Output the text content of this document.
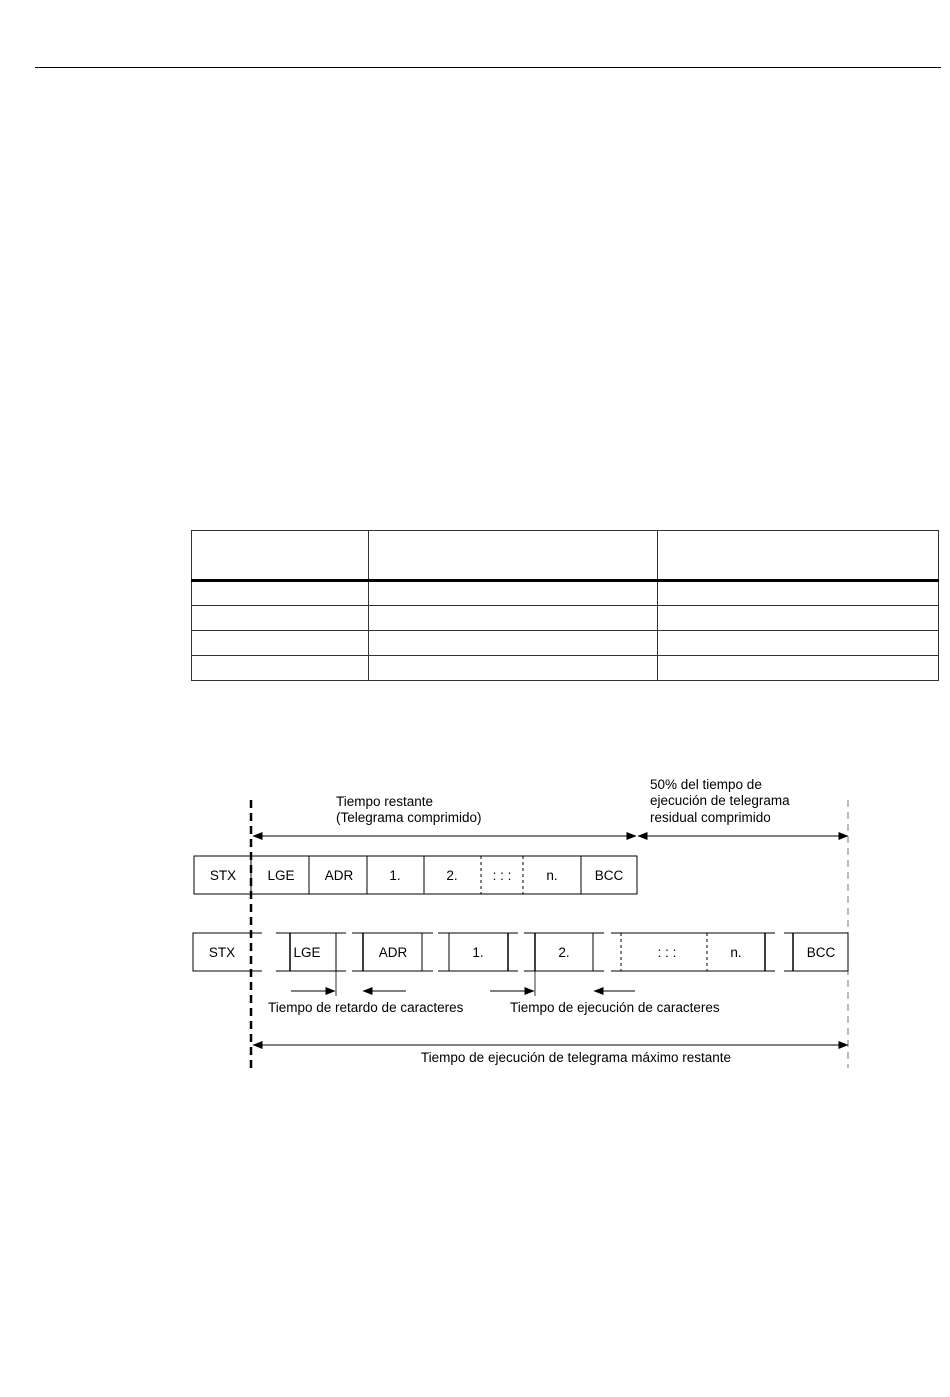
Tiempo restante
(Telegrama comprimido)
50% del tiempo de
ejecución de telegrama
residual comprimido
STX LGE ADR	1.	2.	: : :	n.	BCC
STX	LGE	ADR	1.	2.	: : :	n.	BCC
Tiempo de retardo de caracteres	Tiempo de ejecución de caracteres
Tiempo de ejecución de telegrama máximo restante
